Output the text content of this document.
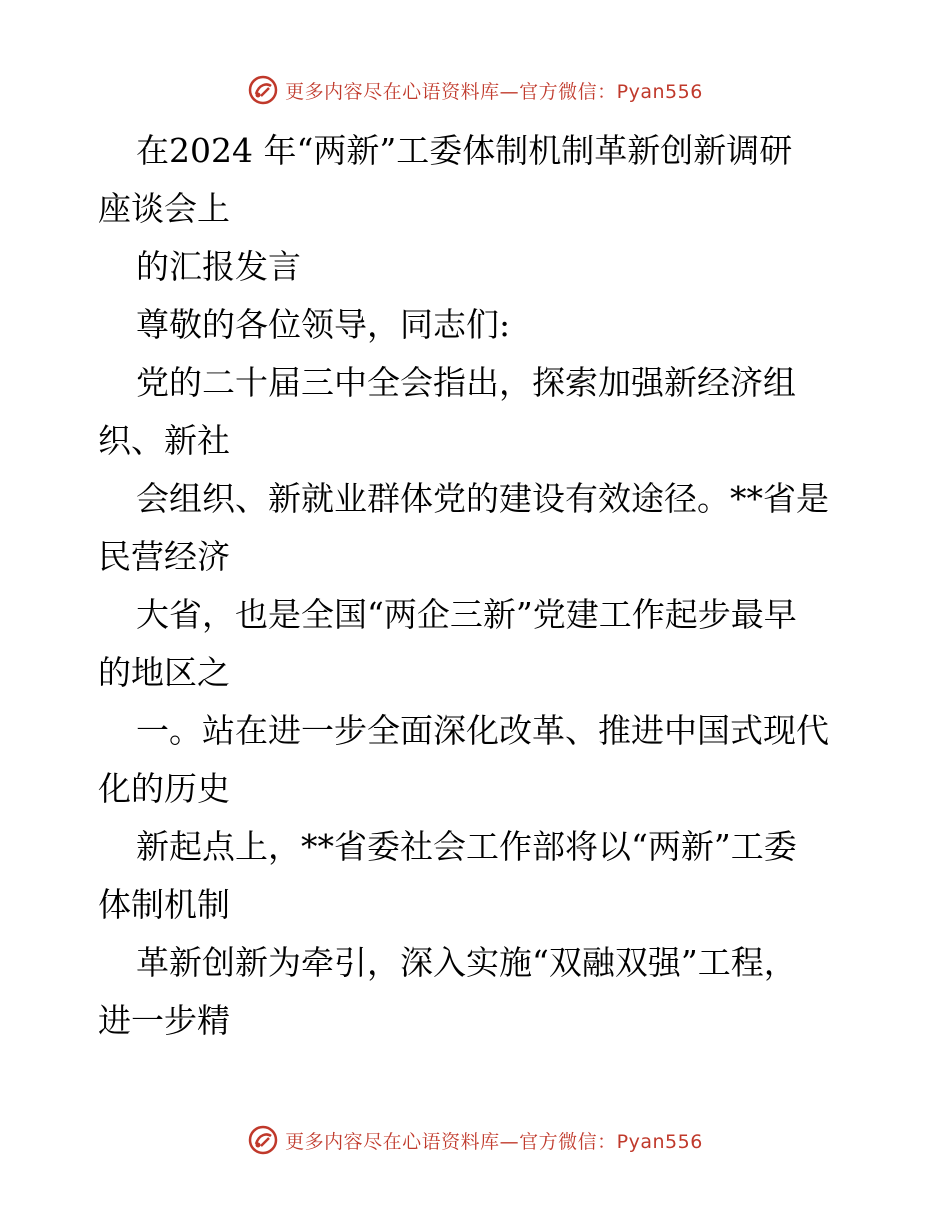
更多内容尽在心语资料库—官方微信：Pyan556
在2024 年“两新”工委体制机制革新创新调研
座谈会上
的汇报发言
尊敬的各位领导，同志们:
党的二十届三中全会指出，探索加强新经济组
织、新社
会组织、新就业群体党的建设有效途径。**省是
民营经济
大省，也是全国“两企三新”党建工作起步最早
的地区之
一。站在进一步全面深化改革、推进中国式现代
化的历史
新起点上，**省委社会工作部将以“两新”工委
体制机制
革新创新为牵引，深入实施“双融双强”工程，
进一步精
更多内容尽在心语资料库—官方微信：Pyan556
